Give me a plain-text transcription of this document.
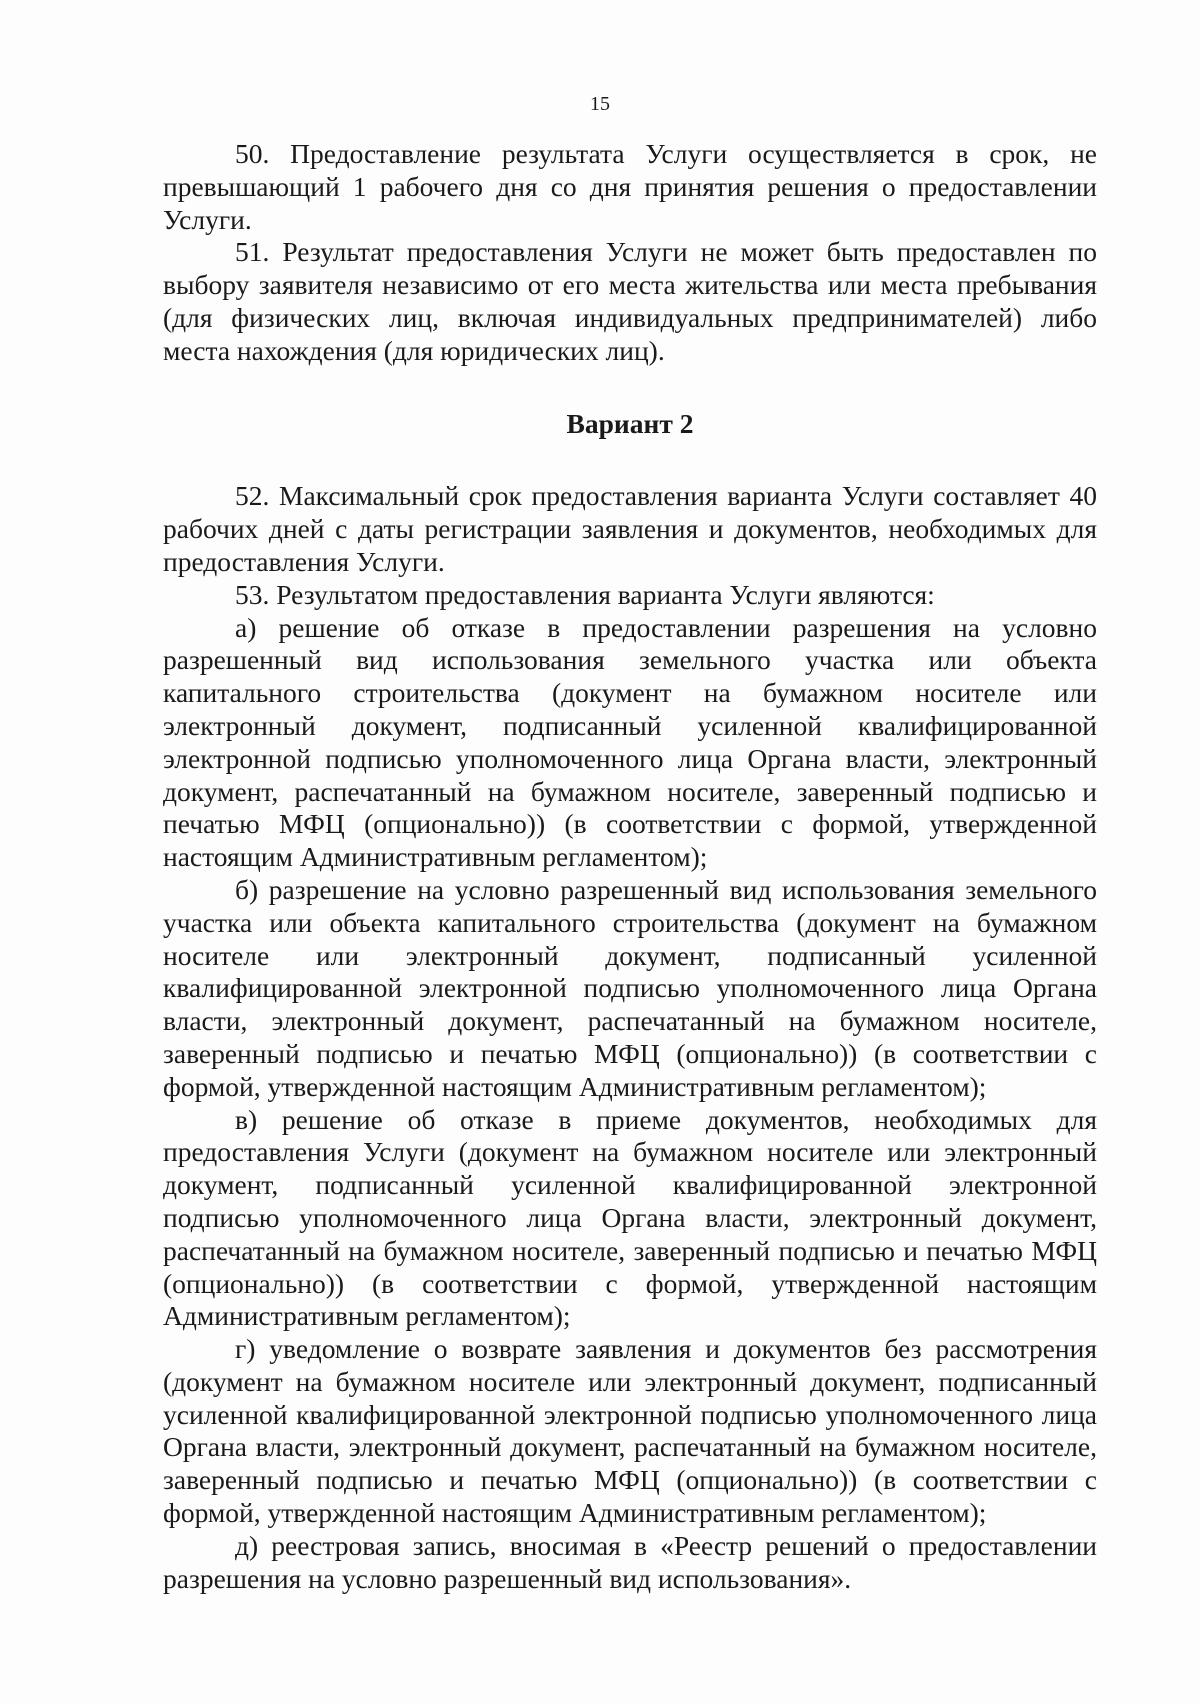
15

50. Предоставление результата Услуги осуществляется в срок, не превышающий 1 рабочего дня со дня принятия решения о предоставлении Услуги.

51. Результат предоставления Услуги не может быть предоставлен по выбору заявителя независимо от его места жительства или места пребывания (для физических лиц, включая индивидуальных предпринимателей) либо места нахождения (для юридических лиц).

Вариант 2

52. Максимальный срок предоставления варианта Услуги составляет 40 рабочих дней с даты регистрации заявления и документов, необходимых для предоставления Услуги.

53. Результатом предоставления варианта Услуги являются:

а) решение об отказе в предоставлении разрешения на условно разрешенный вид использования земельного участка или объекта капитального строительства (документ на бумажном носителе или электронный документ, подписанный усиленной квалифицированной электронной подписью уполномоченного лица Органа власти, электронный документ, распечатанный на бумажном носителе, заверенный подписью и печатью МФЦ (опционально)) (в соответствии с формой, утвержденной настоящим Административным регламентом);

б) разрешение на условно разрешенный вид использования земельного участка или объекта капитального строительства (документ на бумажном носителе или электронный документ, подписанный усиленной квалифицированной электронной подписью уполномоченного лица Органа власти, электронный документ, распечатанный на бумажном носителе, заверенный подписью и печатью МФЦ (опционально)) (в соответствии с формой, утвержденной настоящим Административным регламентом);

в) решение об отказе в приеме документов, необходимых для предоставления Услуги (документ на бумажном носителе или электронный документ, подписанный усиленной квалифицированной электронной подписью уполномоченного лица Органа власти, электронный документ, распечатанный на бумажном носителе, заверенный подписью и печатью МФЦ (опционально)) (в соответствии с формой, утвержденной настоящим Административным регламентом);

г) уведомление о возврате заявления и документов без рассмотрения (документ на бумажном носителе или электронный документ, подписанный усиленной квалифицированной электронной подписью уполномоченного лица Органа власти, электронный документ, распечатанный на бумажном носителе, заверенный подписью и печатью МФЦ (опционально)) (в соответствии с формой, утвержденной настоящим Административным регламентом);

д) реестровая запись, вносимая в «Реестр решений о предоставлении разрешения на условно разрешенный вид использования».
